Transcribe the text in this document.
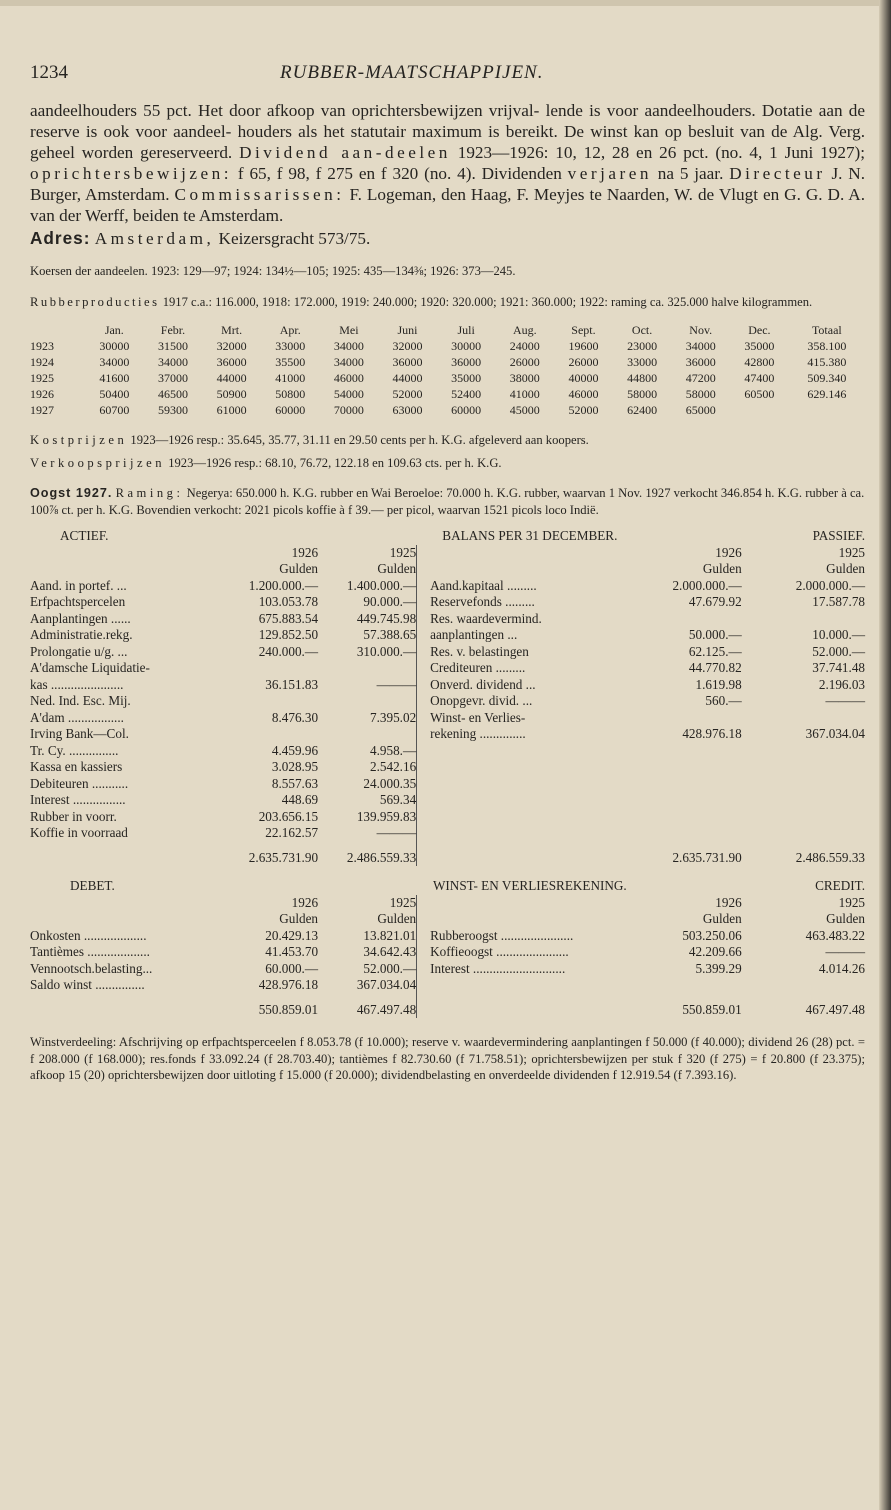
1234	RUBBER-MAATSCHAPPIJEN.

aandeelhouders 55 pct. Het door afkoop van oprichtersbewijzen vrijval- lende is voor aandeelhouders. Dotatie aan de reserve is ook voor aandeel- houders als het statutair maximum is bereikt. De winst kan op besluit van de Alg. Verg. geheel worden gereserveerd. Dividend aan-deelen 1923—1926: 10, 12, 28 en 26 pct. (no. 4, 1 Juni 1927); oprichtersbewijzen: f 65, f 98, f 275 en f 320 (no. 4). Dividenden verjaren na 5 jaar. Directeur J. N. Burger, Amsterdam. Commissarissen: F. Logeman, den Haag, F. Meyjes te Naarden, W. de Vlugt en G. G. D. A. van der Werff, beiden te Amsterdam.

Adres: Amsterdam, Keizersgracht 573/75.

Koersen der aandeelen. 1923: 129—97; 1924: 134½—105; 1925: 435—134⅜; 1926: 373—245.

Rubberproducties 1917 c.a.: 116.000, 1918: 172.000, 1919: 240.000; 1920: 320.000; 1921: 360.000; 1922: raming ca. 325.000 halve kilogrammen.

	Jan.	Febr.	Mrt.	Apr.	Mei	Juni	Juli	Aug.	Sept.	Oct.	Nov.	Dec.	Totaal
1923	30000	31500	32000	33000	34000	32000	30000	24000	19600	23000	34000	35000	358.100
1924	34000	34000	36000	35500	34000	36000	36000	26000	26000	33000	36000	42800	415.380
1925	41600	37000	44000	41000	46000	44000	35000	38000	40000	44800	47200	47400	509.340
1926	50400	46500	50900	50800	54000	52000	52400	41000	46000	58000	58000	60500	629.146
1927	60700	59300	61000	60000	70000	63000	60000	45000	52000	62400	65000		

Kostprijzen 1923—1926 resp.: 35.645, 35.77, 31.11 en 29.50 cents per h. K.G. afgeleverd aan koopers.

Verkoopsprijzen 1923—1926 resp.: 68.10, 76.72, 122.18 en 109.63 cts. per h. K.G.

Oogst 1927. Raming: Negerya: 650.000 h. K.G. rubber en Wai Beroeloe: 70.000 h. K.G. rubber, waarvan 1 Nov. 1927 verkocht 346.854 h. K.G. rubber à ca. 100⅞ ct. per h. K.G. Bovendien verkocht: 2021 picols koffie à f 39.— per picol, waarvan 1521 picols loco Indië.

ACTIEF.		BALANS PER 31 DECEMBER.				PASSIEF.
	1926	1925			1926	1925
	Gulden	Gulden			Gulden	Gulden
Aand. in portef. ...	1.200.000.—	1.400.000.—		Aand.kapitaal .........	2.000.000.—	2.000.000.—
Erfpachtspercelen	103.053.78	90.000.—		Reservefonds .........	47.679.92	17.587.78
Aanplantingen ......	675.883.54	449.745.98		Res. waardevermind.		
Administratie.rekg.	129.852.50	57.388.65		aanplantingen ...	50.000.—	10.000.—
Prolongatie u/g. ...	240.000.—	310.000.—		Res. v. belastingen	62.125.—	52.000.—
A'damsche Liquidatie-				Crediteuren .........	44.770.82	37.741.48
kas ......................	36.151.83	———		Onverd. dividend ...	1.619.98	2.196.03
Ned. Ind. Esc. Mij.				Onopgevr. divid. ...	560.—	———
A'dam .................	8.476.30	7.395.02		Winst- en Verlies-		
Irving Bank—Col.				rekening ..............	428.976.18	367.034.04
Tr. Cy. ...............	4.459.96	4.958.—				
Kassa en kassiers	3.028.95	2.542.16				
Debiteuren ...........	8.557.63	24.000.35				
Interest ................	448.69	569.34				
Rubber in voorr.	203.656.15	139.959.83				
Koffie in voorraad	22.162.57	———				
	2.635.731.90	2.486.559.33			2.635.731.90	2.486.559.33
DEBET.		WINST- EN VERLIESREKENING.				CREDIT.
	1926	1925			1926	1925
	Gulden	Gulden			Gulden	Gulden
Onkosten ...................	20.429.13	13.821.01		Rubberoogst ......................	503.250.06	463.483.22
Tantièmes ...................	41.453.70	34.642.43		Koffieoogst ......................	42.209.66	———
Vennootsch.belasting...	60.000.—	52.000.—		Interest ............................	5.399.29	4.014.26
Saldo winst ...............	428.976.18	367.034.04				
	550.859.01	467.497.48			550.859.01	467.497.48

Winstverdeeling: Afschrijving op erfpachtsperceelen f 8.053.78 (f 10.000); reserve v. waardevermindering aanplantingen f 50.000 (f 40.000); dividend 26 (28) pct. = f 208.000 (f 168.000); res.fonds f 33.092.24 (f 28.703.40); tantièmes f 82.730.60 (f 71.758.51); oprichtersbewijzen per stuk f 320 (f 275) = f 20.800 (f 23.375); afkoop 15 (20) oprichtersbewijzen door uitloting f 15.000 (f 20.000); dividendbelasting en onverdeelde dividenden f 12.919.54 (f 7.393.16).
